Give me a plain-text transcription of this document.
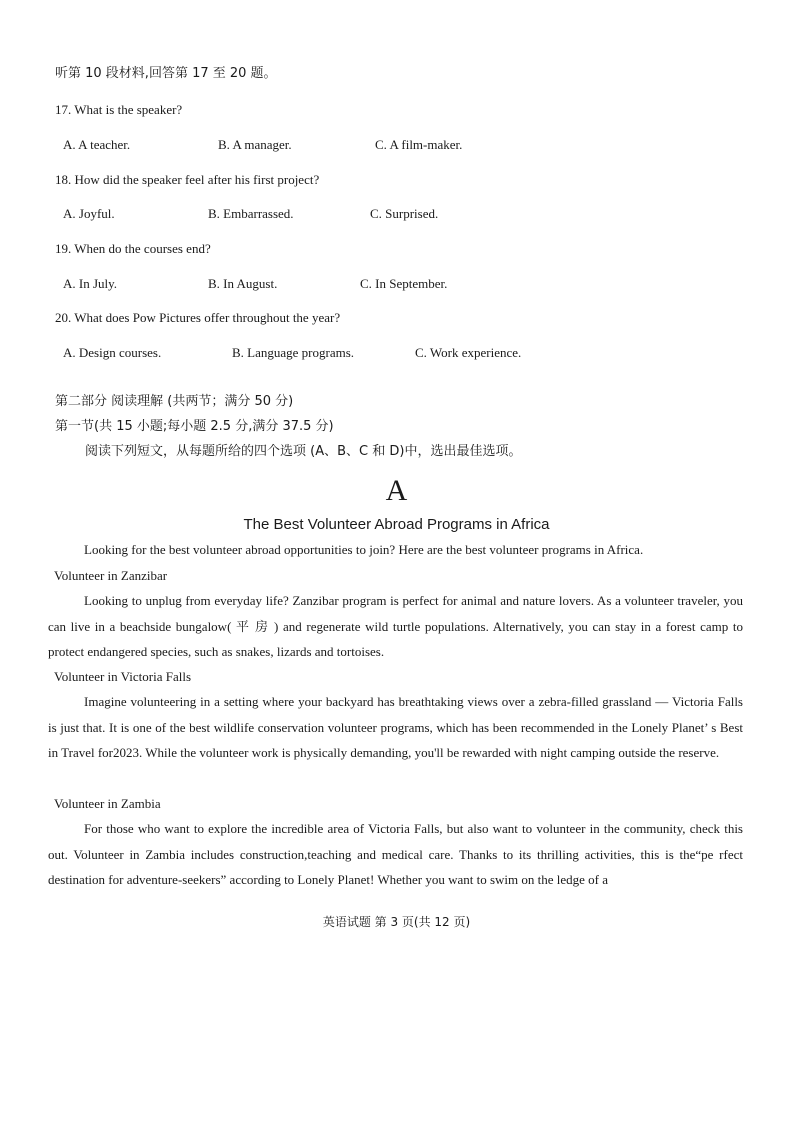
听第 10 段材料,回答第 17 至 20 题。
17. What is the speaker?
A. A teacher.	B. A manager.	C. A film-maker.
18. How did the speaker feel after his first project?
A. Joyful.	B. Embarrassed.	C. Surprised.
19. When do the courses end?
A. In July.	B. In August.	C. In September.
20. What does Pow Pictures offer throughout the year?
A. Design courses.	B. Language programs.	C. Work experience.
第二部分 阅读理解 (共两节；满分 50 分)
第一节(共 15 小题;每小题 2.5 分,满分 37.5 分)
阅读下列短文，从每题所给的四个选项 (A、B、C 和 D)中，选出最佳选项。
A
The Best Volunteer Abroad Programs in Africa
Looking for the best volunteer abroad opportunities to join? Here are the best volunteer programs in Africa.
Volunteer in Zanzibar
Looking to unplug from everyday life? Zanzibar program is perfect for animal and nature lovers. As a volunteer traveler, you can live in a beachside bungalow( 平 房 ) and regenerate wild turtle populations. Alternatively, you can stay in a forest camp to protect endangered species, such as snakes, lizards and tortoises.
Volunteer in Victoria Falls
Imagine volunteering in a setting where your backyard has breathtaking views over a zebra-filled grassland — Victoria Falls is just that. It is one of the best wildlife conservation volunteer programs, which has been recommended in the Lonely Planet’ s Best in Travel for2023. While the volunteer work is physically demanding, you'll be rewarded with night camping outside the reserve.
Volunteer in Zambia
For those who want to explore the incredible area of Victoria Falls, but also want to volunteer in the community, check this out. Volunteer in Zambia includes construction,teaching and medical care. Thanks to its thrilling activities, this is the“pe rfect destination for adventure-seekers” according to Lonely Planet! Whether you want to swim on the ledge of a
英语试题 第 3 页(共 12 页)
